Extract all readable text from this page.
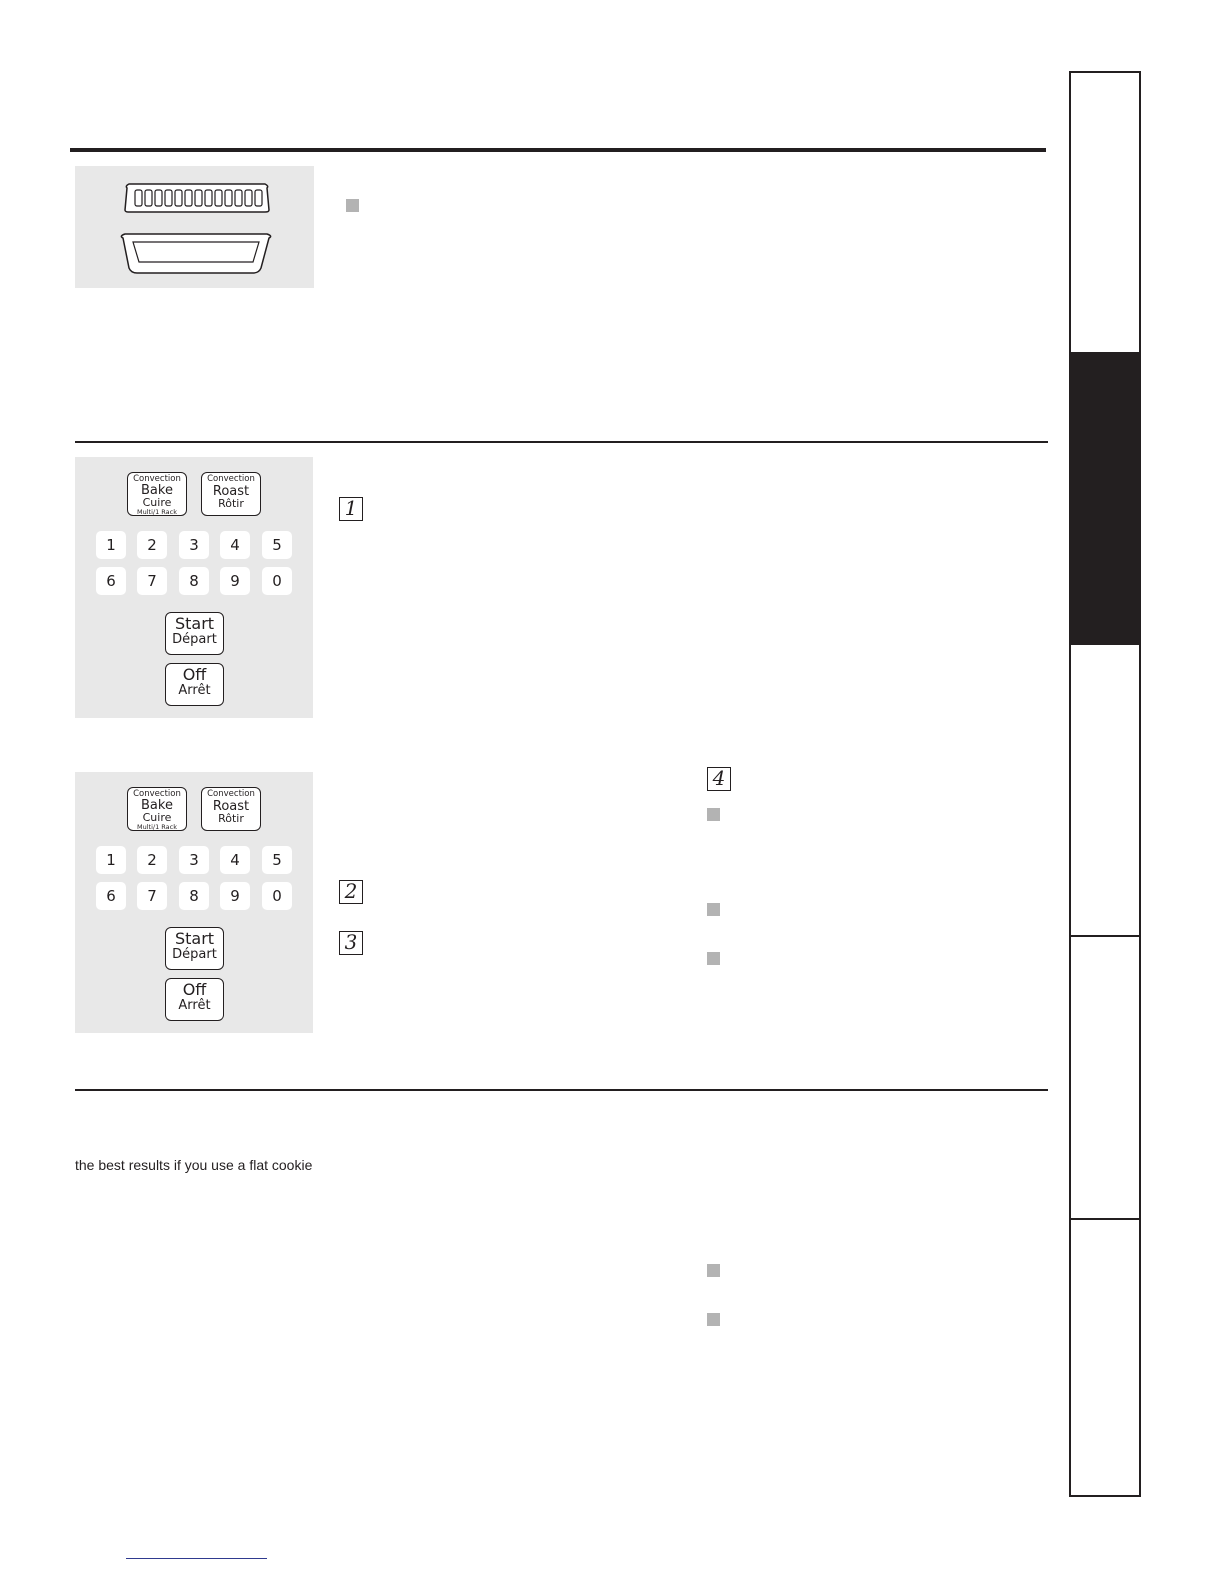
Convection
Bake
Cuire
Multi/1 Rack
Convection
Roast
Rôtir
1	2	3	4	5
6	7	8	9	0
Start
Départ
Off
Arrêt
1
Convection
Bake
Cuire
Multi/1 Rack
Convection
Roast
Rôtir
1	2	3	4	5
6	7	8	9	0
Start
Départ
Off
Arrêt
2
3
4
the best results if you use a flat cookie
